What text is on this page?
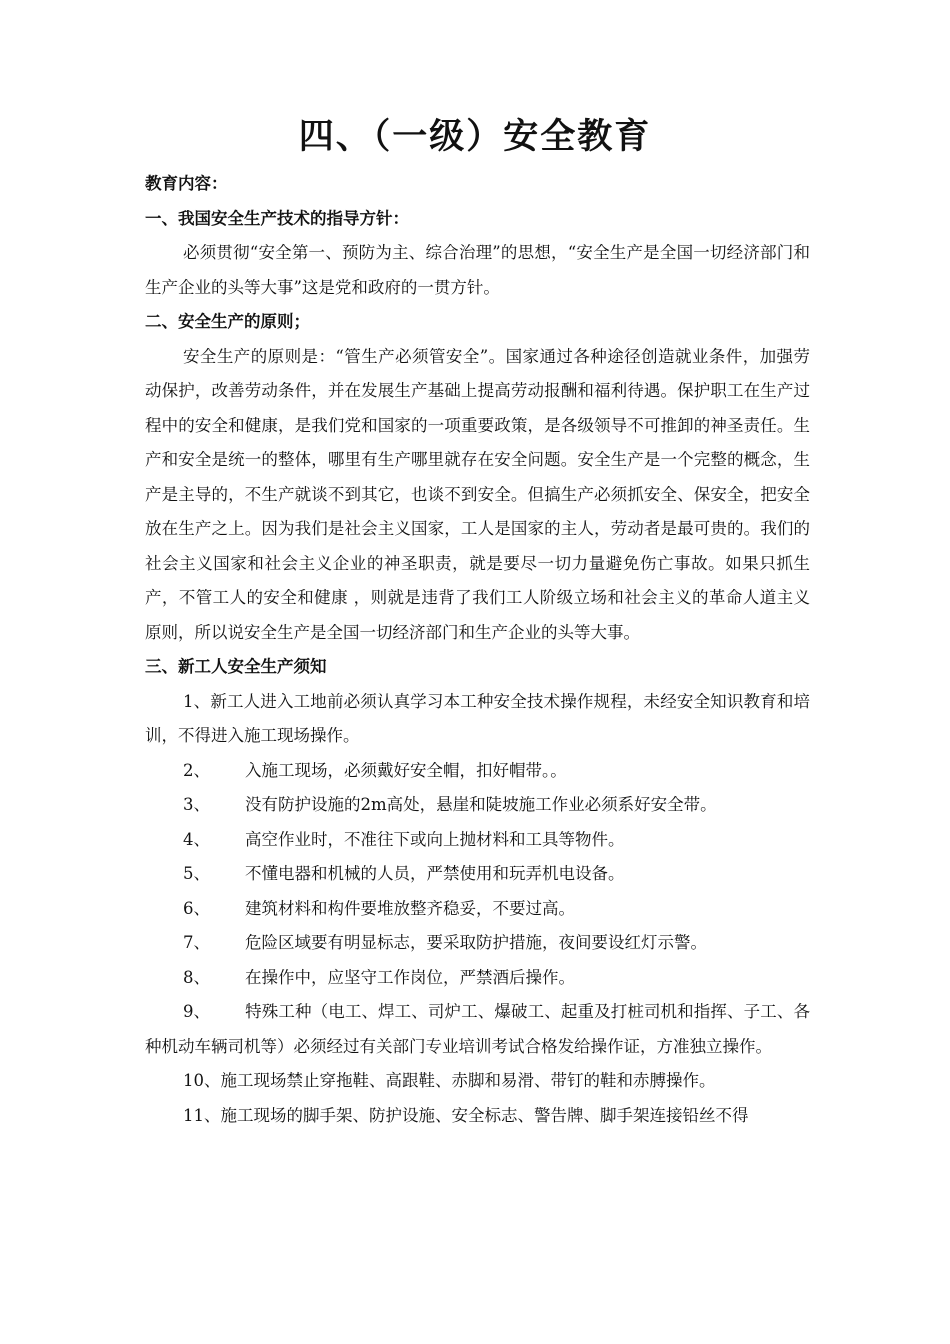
四、（一级）安全教育

教育内容：

一、我国安全生产技术的指导方针：

必须贯彻“安全第一、预防为主、综合治理”的思想，“安全生产是全国一切经济部门和生产企业的头等大事”这是党和政府的一贯方针。

二、安全生产的原则；

安全生产的原则是：“管生产必须管安全”。国家通过各种途径创造就业条件，加强劳动保护，改善劳动条件，并在发展生产基础上提高劳动报酬和福利待遇。保护职工在生产过程中的安全和健康，是我们党和国家的一项重要政策，是各级领导不可推卸的神圣责任。生产和安全是统一的整体，哪里有生产哪里就存在安全问题。安全生产是一个完整的概念，生产是主导的，不生产就谈不到其它，也谈不到安全。但搞生产必须抓安全、保安全，把安全放在生产之上。因为我们是社会主义国家，工人是国家的主人，劳动者是最可贵的。我们的社会主义国家和社会主义企业的神圣职责，就是要尽一切力量避免伤亡事故。如果只抓生产，不管工人的安全和健康 ，则就是违背了我们工人阶级立场和社会主义的革命人道主义原则，所以说安全生产是全国一切经济部门和生产企业的头等大事。

三、新工人安全生产须知

1、新工人进入工地前必须认真学习本工种安全技术操作规程，未经安全知识教育和培训，不得进入施工现场操作。

2、 入施工现场，必须戴好安全帽，扣好帽带。。

3、 没有防护设施的2m高处，悬崖和陡坡施工作业必须系好安全带。

4、 高空作业时，不准往下或向上抛材料和工具等物件。

5、 不懂电器和机械的人员，严禁使用和玩弄机电设备。

6、 建筑材料和构件要堆放整齐稳妥，不要过高。

7、 危险区域要有明显标志，要采取防护措施，夜间要设红灯示警。

8、 在操作中，应坚守工作岗位，严禁酒后操作。

9、 特殊工种（电工、焊工、司炉工、爆破工、起重及打桩司机和指挥、子工、各种机动车辆司机等）必须经过有关部门专业培训考试合格发给操作证，方准独立操作。

10、施工现场禁止穿拖鞋、高跟鞋、赤脚和易滑、带钉的鞋和赤膊操作。

11、施工现场的脚手架、防护设施、安全标志、警告牌、脚手架连接铅丝不得
